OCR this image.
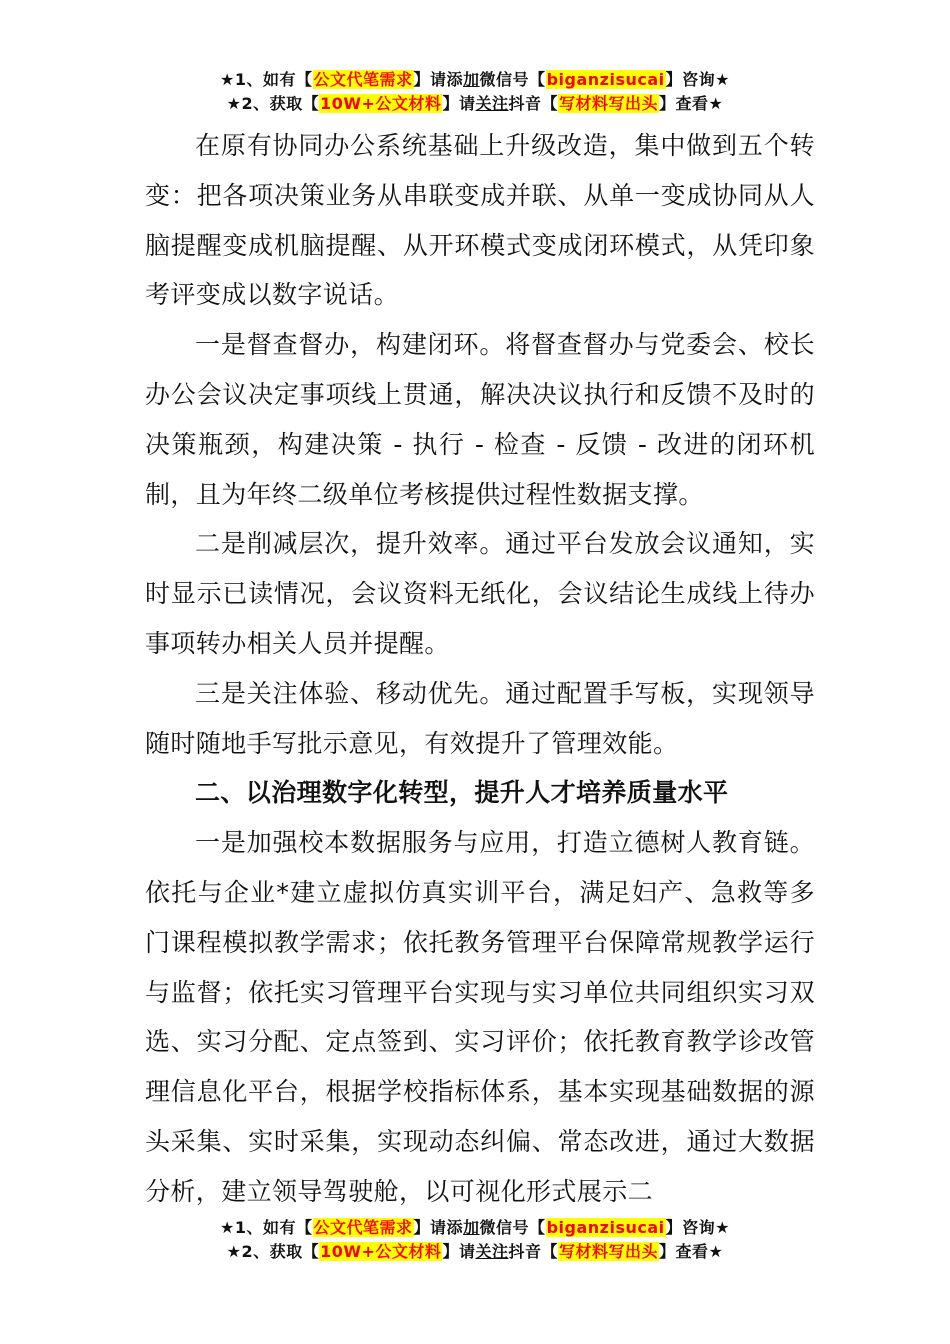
★1、如有【公文代笔需求】请添加微信号【biganzisucai】咨询★
★2、获取【10W+公文材料】请关注抖音【写材料写出头】查看★

在原有协同办公系统基础上升级改造，集中做到五个转变：把各项决策业务从串联变成并联、从单一变成协同从人脑提醒变成机脑提醒、从开环模式变成闭环模式，从凭印象考评变成以数字说话。

一是督查督办，构建闭环。将督查督办与党委会、校长办公会议决定事项线上贯通，解决决议执行和反馈不及时的决策瓶颈，构建决策 - 执行 - 检查 - 反馈 - 改进的闭环机制，且为年终二级单位考核提供过程性数据支撑。

二是削减层次，提升效率。通过平台发放会议通知，实时显示已读情况，会议资料无纸化，会议结论生成线上待办事项转办相关人员并提醒。

三是关注体验、移动优先。通过配置手写板，实现领导随时随地手写批示意见，有效提升了管理效能。

二、以治理数字化转型，提升人才培养质量水平

一是加强校本数据服务与应用，打造立德树人教育链。依托与企业*建立虚拟仿真实训平台，满足妇产、急救等多门课程模拟教学需求；依托教务管理平台保障常规教学运行与监督；依托实习管理平台实现与实习单位共同组织实习双选、实习分配、定点签到、实习评价；依托教育教学诊改管理信息化平台，根据学校指标体系，基本实现基础数据的源头采集、实时采集，实现动态纠偏、常态改进，通过大数据分析，建立领导驾驶舱，以可视化形式展示二

★1、如有【公文代笔需求】请添加微信号【biganzisucai】咨询★
★2、获取【10W+公文材料】请关注抖音【写材料写出头】查看★
